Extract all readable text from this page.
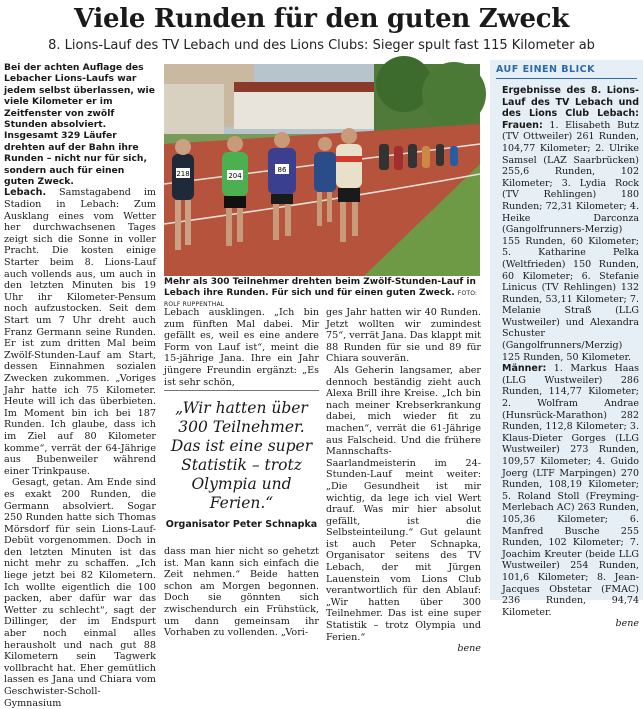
Viele Runden für den guten Zweck
8. Lions-Lauf des TV Lebach und des Lions Clubs: Sieger spult fast 115 Kilometer ab

Bei der achten Auflage des Lebacher Lions-Laufs war jedem selbst überlassen, wie viele Kilometer er im Zeitfenster von zwölf Stunden absolviert. Insgesamt 329 Läufer drehten auf der Bahn ihre Runden – nicht nur für sich, sondern auch für einen guten Zweck.

Lebach. Samstagabend im Stadion in Lebach: Zum Ausklang eines vom Wetter her durchwachsenen Tages zeigt sich die Sonne in voller Pracht. Die kosten einige Starter beim 8. Lions-Lauf auch vollends aus, um auch in den letzten Minuten bis 19 Uhr ihr Kilometer-Pensum noch aufzustocken. Seit dem Start um 7 Uhr dreht auch Franz Germann seine Runden. Er ist zum dritten Mal beim Zwölf-Stunden-Lauf am Start, dessen Einnahmen sozialen Zwecken zukommen. „Voriges Jahr hatte ich 75 Kilometer. Heute will ich das überbieten. Im Moment bin ich bei 187 Runden. Ich glaube, dass ich im Ziel auf 80 Kilometer komme“, verrät der 64-Jährige aus Bubenweiler während einer Trinkpause.

Gesagt, getan. Am Ende sind es exakt 200 Runden, die Germann absolviert. Sogar 250 Runden hatte sich Thomas Mörsdorf für sein Lions-Lauf-Debüt vorgenommen. Doch in den letzten Minuten ist das nicht mehr zu schaffen. „Ich liege jetzt bei 82 Kilometern. Ich wollte eigentlich die 100 packen, aber dafür war das Wetter zu schlecht“, sagt der Dillinger, der im Endspurt aber noch einmal alles herausholt und nach gut 88 Kilometern sein Tagwerk vollbracht hat. Eher gemütlich lassen es Jana und Chiara vom Geschwister-Scholl-Gymnasium

218	204
86
Mehr als 300 Teilnehmer drehten beim Zwölf-Stunden-Lauf in Lebach ihre Runden. Für sich und für einen guten Zweck. FOTO: ROLF RUPPENTHAL

Lebach ausklingen. „Ich bin zum fünften Mal dabei. Mir gefällt es, weil es eine andere Form von Lauf ist“, meint die 15-jährige Jana. Ihre ein Jahr jüngere Freundin ergänzt: „Es ist sehr schön,

„Wir hatten über 300 Teilnehmer. Das ist eine super Statistik – trotz Olympia und Ferien.“
Organisator Peter Schnapka

dass man hier nicht so gehetzt ist. Man kann sich einfach die Zeit nehmen.“ Beide hatten schon am Morgen begonnen. Doch sie gönnten sich zwischendurch ein Frühstück, um dann gemeinsam ihr Vorhaben zu vollenden. „Vori-

ges Jahr hatten wir 40 Runden. Jetzt wollten wir zumindest 75“, verrät Jana. Das klappt mit 88 Runden für sie und 89 für Chiara souverän.

Als Geherin langsamer, aber dennoch beständig zieht auch Alexa Brill ihre Kreise. „Ich bin nach meiner Krebserkrankung dabei, mich wieder fit zu machen“, verrät die 61-Jährige aus Falscheid. Und die frühere Mannschafts-Saarlandmeisterin im 24-Stunden-Lauf meint weiter: „Die Gesundheit ist mir wichtig, da lege ich viel Wert drauf. Was mir hier absolut gefällt, ist die Selbsteinteilung.“ Gut gelaunt ist auch Peter Schnapka, Organisator seitens des TV Lebach, der mit Jürgen Lauenstein vom Lions Club verantwortlich für den Ablauf: „Wir hatten über 300 Teilnehmer. Das ist eine super Statistik – trotz Olympia und Ferien.“

bene

AUF EINEN BLICK

Ergebnisse des 8. Lions-Lauf des TV Lebach und des Lions Club Lebach: Frauen: 1. Elisabeth Butz (TV Ottweiler) 261 Runden, 104,77 Kilometer; 2. Ulrike Samsel (LAZ Saarbrücken) 255,6 Runden, 102 Kilometer; 3. Lydia Rock (TV Rehlingen) 180 Runden; 72,31 Kilometer; 4. Heike Darconza (Gangolfrunners-Merzig) 155 Runden, 60 Kilometer; 5. Katharine Pelka (Weltfrieden) 150 Runden, 60 Kilometer; 6. Stefanie Linicus (TV Rehlingen) 132 Runden, 53,11 Kilometer; 7. Melanie Straß (LLG Wustweiler) und Alexandra Schuster (Gangolfrunners/Merzig) 125 Runden, 50 Kilometer.

Männer: 1. Markus Haas (LLG Wustweiler) 286 Runden, 114,77 Kilometer; 2. Wolfram Andrae (Hunsrück-Marathon) 282 Runden, 112,8 Kilometer; 3. Klaus-Dieter Gorges (LLG Wustweiler) 273 Runden, 109,57 Kilometer; 4. Guido Joerg (LTF Marpingen) 270 Runden, 108,19 Kilometer; 5. Roland Stoll (Freyming-Merlebach AC) 263 Runden, 105,36 Kilometer; 6. Manfred Busche 255 Runden, 102 Kilometer; 7. Joachim Kreuter (beide LLG Wustweiler) 254 Runden, 101,6 Kilometer; 8. Jean-Jacques Obstetar (FMAC) 236 Runden, 94,74 Kilometer.

bene
